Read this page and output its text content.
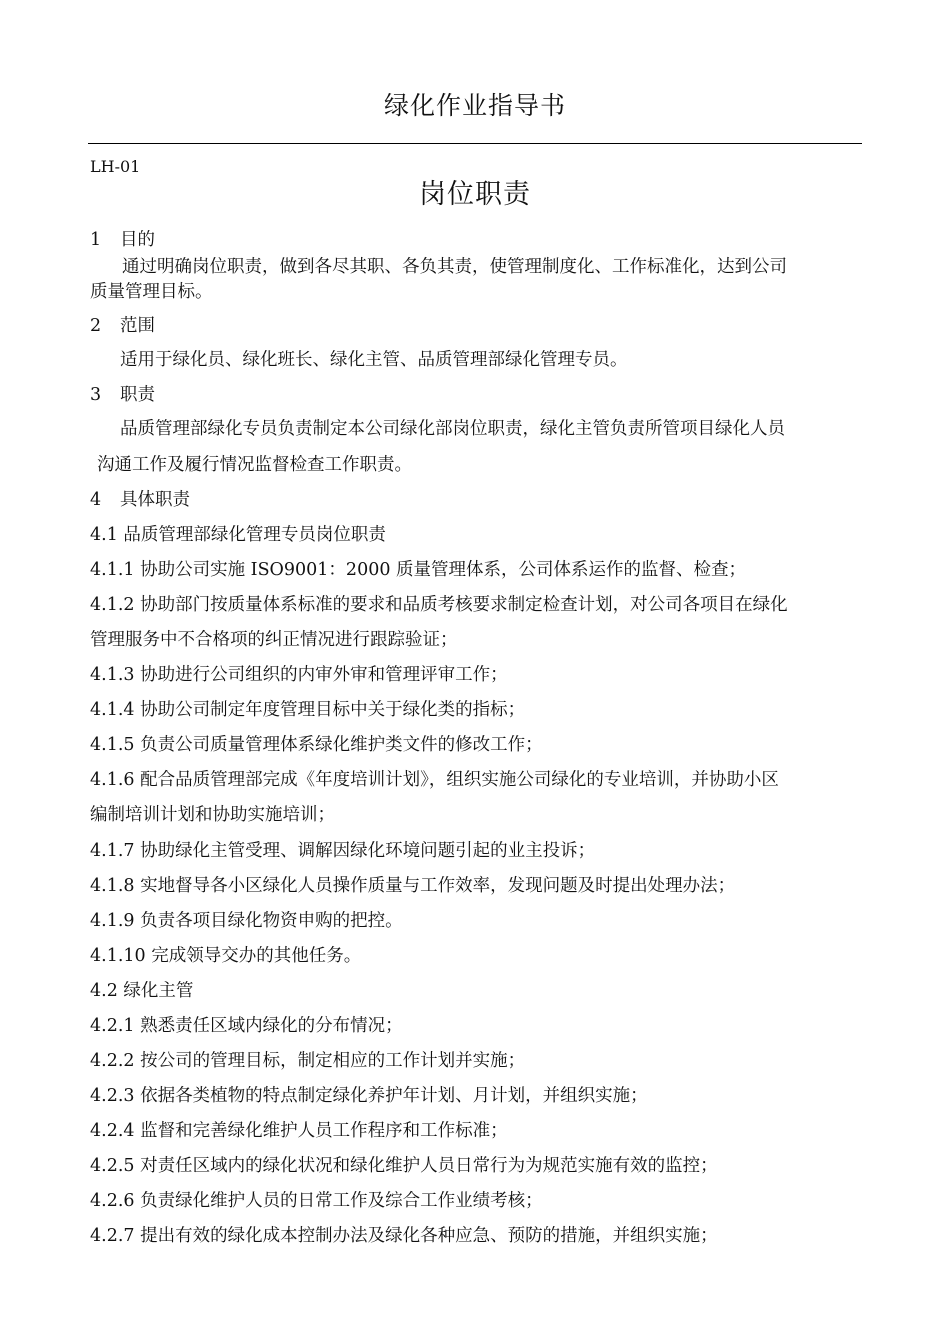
绿化作业指导书

LH-01

岗位职责

1 目的

通过明确岗位职责，做到各尽其职、各负其责，使管理制度化、工作标准化，达到公司

质量管理目标。

2 范围

适用于绿化员、绿化班长、绿化主管、品质管理部绿化管理专员。

3 职责

品质管理部绿化专员负责制定本公司绿化部岗位职责，绿化主管负责所管项目绿化人员

沟通工作及履行情况监督检查工作职责。

4 具体职责

4.1 品质管理部绿化管理专员岗位职责

4.1.1 协助公司实施 ISO9001：2000 质量管理体系，公司体系运作的监督、检查；

4.1.2 协助部门按质量体系标准的要求和品质考核要求制定检查计划，对公司各项目在绿化

管理服务中不合格项的纠正情况进行跟踪验证；

4.1.3 协助进行公司组织的内审外审和管理评审工作；

4.1.4 协助公司制定年度管理目标中关于绿化类的指标；

4.1.5 负责公司质量管理体系绿化维护类文件的修改工作；

4.1.6 配合品质管理部完成《年度培训计划》，组织实施公司绿化的专业培训，并协助小区

编制培训计划和协助实施培训；

4.1.7 协助绿化主管受理、调解因绿化环境问题引起的业主投诉；

4.1.8 实地督导各小区绿化人员操作质量与工作效率，发现问题及时提出处理办法；

4.1.9 负责各项目绿化物资申购的把控。

4.1.10 完成领导交办的其他任务。

4.2 绿化主管

4.2.1 熟悉责任区域内绿化的分布情况；

4.2.2 按公司的管理目标，制定相应的工作计划并实施；

4.2.3 依据各类植物的特点制定绿化养护年计划、月计划，并组织实施；

4.2.4 监督和完善绿化维护人员工作程序和工作标准；

4.2.5 对责任区域内的绿化状况和绿化维护人员日常行为为规范实施有效的监控；

4.2.6 负责绿化维护人员的日常工作及综合工作业绩考核；

4.2.7 提出有效的绿化成本控制办法及绿化各种应急、预防的措施，并组织实施；
